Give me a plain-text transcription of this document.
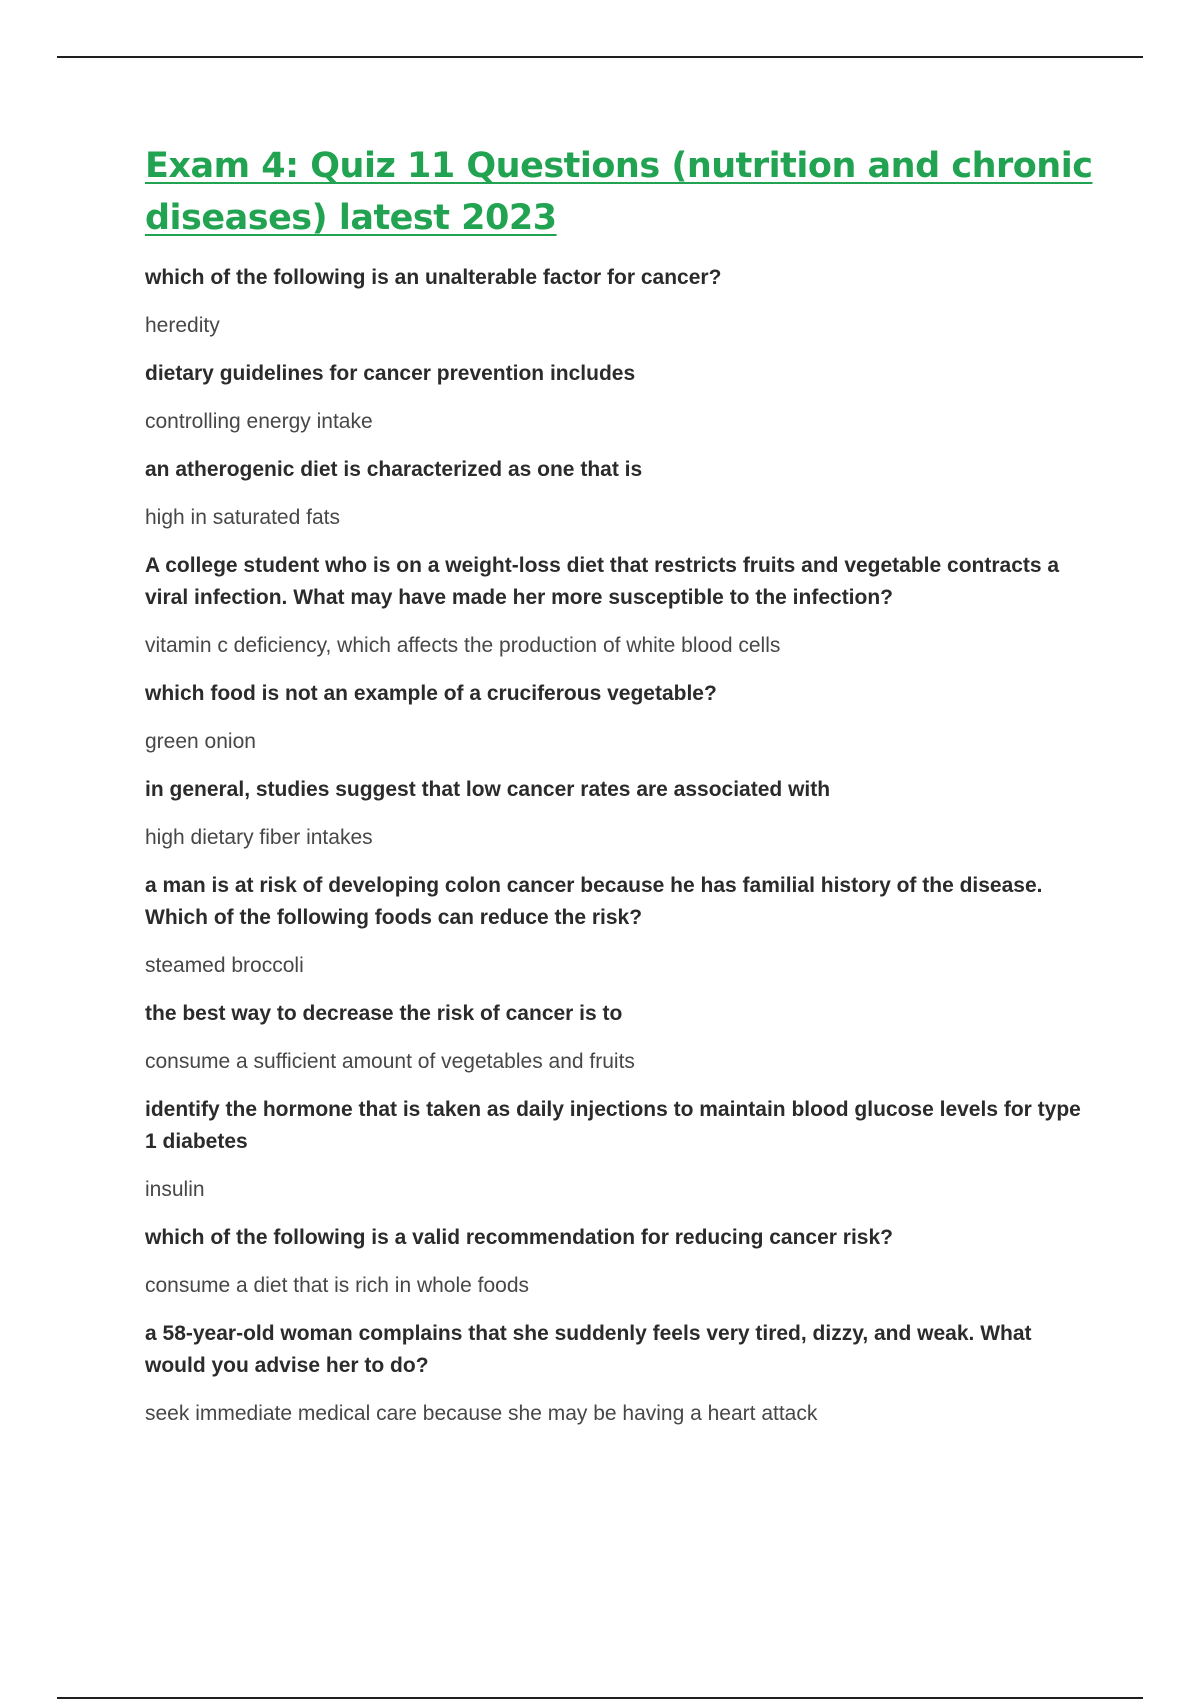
Exam 4: Quiz 11 Questions (nutrition and chronic diseases) latest 2023

which of the following is an unalterable factor for cancer?

heredity

dietary guidelines for cancer prevention includes

controlling energy intake

an atherogenic diet is characterized as one that is

high in saturated fats

A college student who is on a weight-loss diet that restricts fruits and vegetable contracts a viral infection. What may have made her more susceptible to the infection?

vitamin c deficiency, which affects the production of white blood cells

which food is not an example of a cruciferous vegetable?

green onion

in general, studies suggest that low cancer rates are associated with

high dietary fiber intakes

a man is at risk of developing colon cancer because he has familial history of the disease. Which of the following foods can reduce the risk?

steamed broccoli

the best way to decrease the risk of cancer is to

consume a sufficient amount of vegetables and fruits

identify the hormone that is taken as daily injections to maintain blood glucose levels for type 1 diabetes

insulin

which of the following is a valid recommendation for reducing cancer risk?

consume a diet that is rich in whole foods

a 58-year-old woman complains that she suddenly feels very tired, dizzy, and weak. What would you advise her to do?

seek immediate medical care because she may be having a heart attack
